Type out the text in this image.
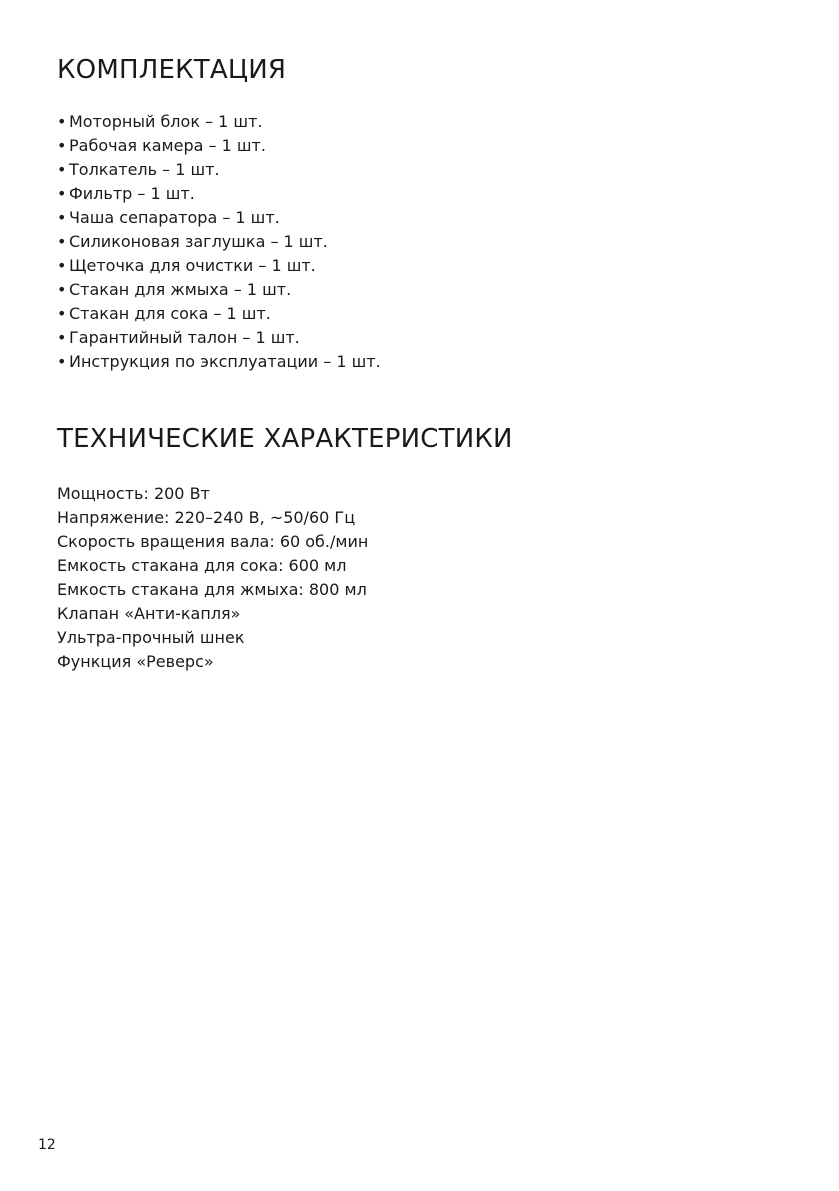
КОМПЛЕКТАЦИЯ
• Моторный блок – 1 шт.
• Рабочая камера – 1 шт.
• Толкатель – 1 шт.
• Фильтр – 1 шт.
• Чаша сепаратора – 1 шт.
• Силиконовая заглушка – 1 шт.
• Щеточка для очистки – 1 шт.
• Стакан для жмыха – 1 шт.
• Стакан для сока – 1 шт.
• Гарантийный талон – 1 шт.
• Инструкция по эксплуатации – 1 шт.
ТЕХНИЧЕСКИЕ ХАРАКТЕРИСТИКИ
Мощность: 200 Вт
Напряжение: 220–240 В, ~50/60 Гц
Скорость вращения вала: 60 об./мин
Емкость стакана для сока: 600 мл
Емкость стакана для жмыха: 800 мл
Клапан «Анти-капля»
Ультра-прочный шнек
Функция «Реверс»
12
